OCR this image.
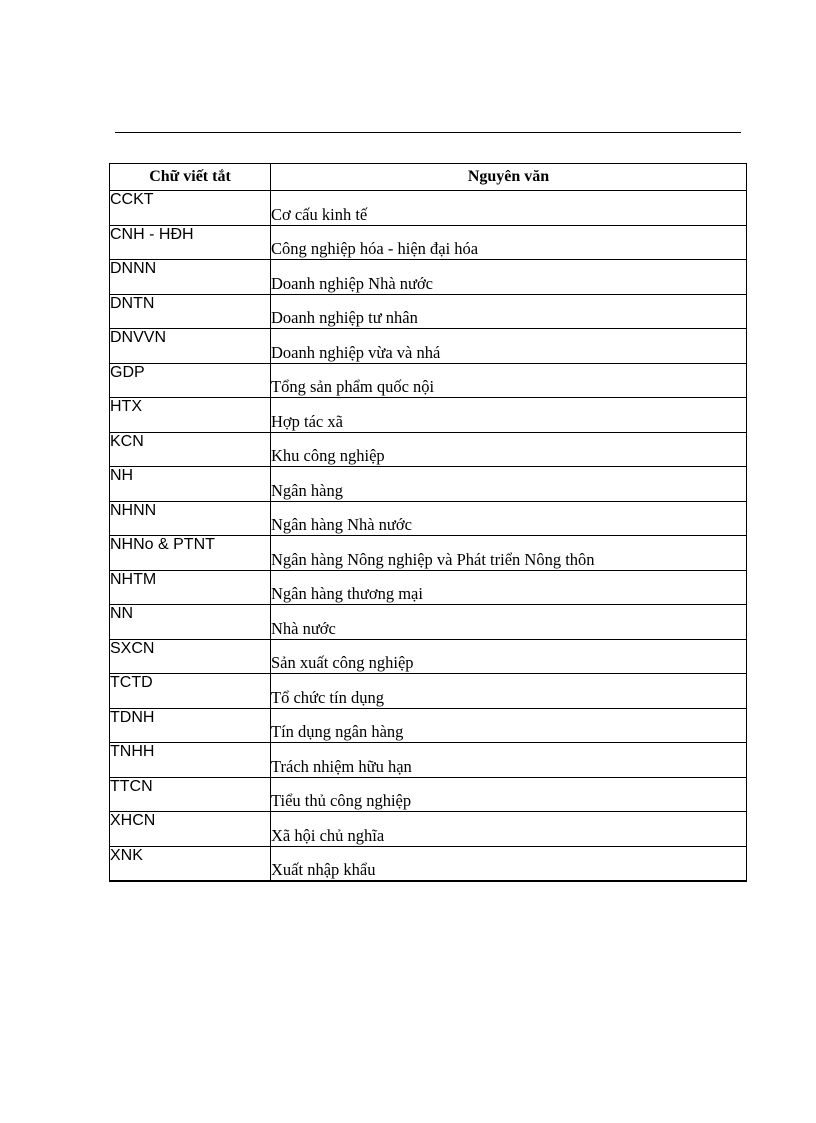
Chữ viết tắt	Nguyên văn
CCKT	Cơ cấu kinh tế
CNH - HĐH	Công nghiệp hóa - hiện đại hóa
DNNN	Doanh nghiệp Nhà nước
DNTN	Doanh nghiệp tư nhân
DNVVN	Doanh nghiệp vừa và nhá
GDP	Tổng sản phẩm quốc nội
HTX	Hợp tác xã
KCN	Khu công nghiệp
NH	Ngân hàng
NHNN	Ngân hàng Nhà nước
NHNo & PTNT	Ngân hàng Nông nghiệp và Phát triển Nông thôn
NHTM	Ngân hàng thương mại
NN	Nhà nước
SXCN	Sản xuất công nghiệp
TCTD	Tổ chức tín dụng
TDNH	Tín dụng ngân hàng
TNHH	Trách nhiệm hữu hạn
TTCN	Tiểu thủ công nghiệp
XHCN	Xã hội chủ nghĩa
XNK	Xuất nhập khẩu
